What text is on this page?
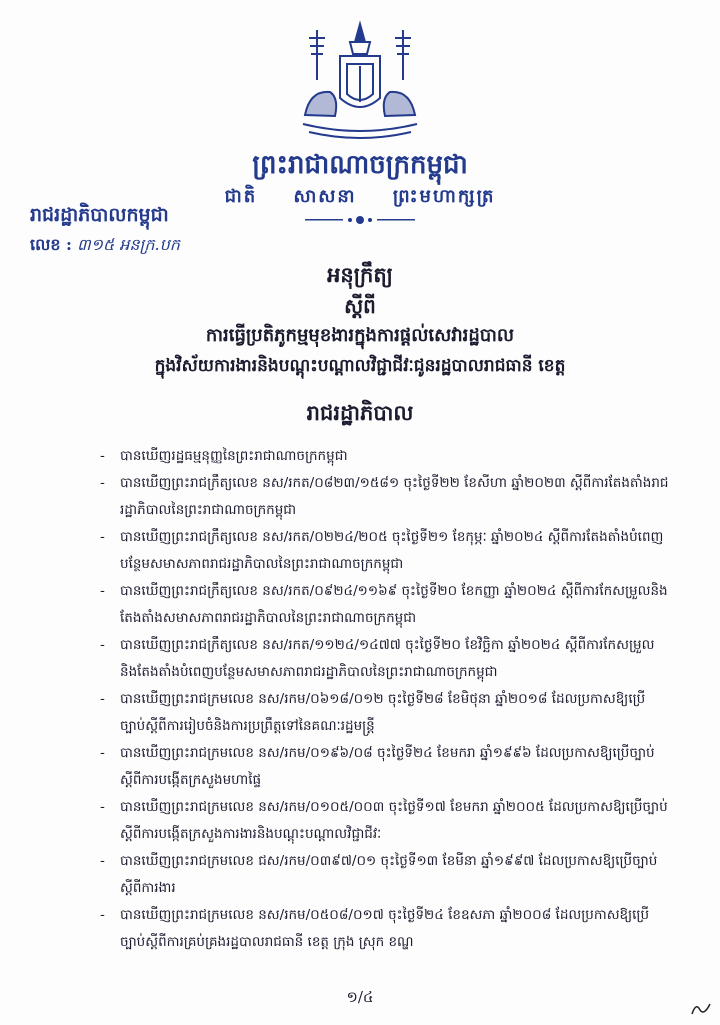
ព្រះរាជាណាចក្រកម្ពុជា
ជាតិ សាសនា ព្រះមហាក្សត្រ
រាជរដ្ឋាភិបាលកម្ពុជា
លេខ : ៣១៥ អនក្រ.បក
អនុក្រឹត្យ
ស្តីពី
ការធ្វើប្រតិភូកម្មមុខងារក្នុងការផ្តល់សេវារដ្ឋបាល
ក្នុងវិស័យការងារនិងបណ្តុះបណ្តាលវិជ្ជាជីវៈជូនរដ្ឋបាលរាជធានី ខេត្ត
រាជរដ្ឋាភិបាល
- បានឃើញរដ្ឋធម្មនុញ្ញនៃព្រះរាជាណាចក្រកម្ពុជា
- បានឃើញព្រះរាជក្រឹត្យលេខ នស/រកត/០៨២៣/១៥៨១ ចុះថ្ងៃទី២២ ខែសីហា ឆ្នាំ២០២៣ ស្តីពីការតែងតាំងរាជរដ្ឋាភិបាលនៃព្រះរាជាណាចក្រកម្ពុជា
- បានឃើញព្រះរាជក្រឹត្យលេខ នស/រកត/០២២៤/២០៥ ចុះថ្ងៃទី២១ ខែកុម្ភៈ ឆ្នាំ២០២៤ ស្តីពីការតែងតាំងបំពេញបន្ថែមសមាសភាពរាជរដ្ឋាភិបាលនៃព្រះរាជាណាចក្រកម្ពុជា
- បានឃើញព្រះរាជក្រឹត្យលេខ នស/រកត/០៩២៤/១១៦៩ ចុះថ្ងៃទី២០ ខែកញ្ញា ឆ្នាំ២០២៤ ស្តីពីការកែសម្រួលនិងតែងតាំងសមាសភាពរាជរដ្ឋាភិបាលនៃព្រះរាជាណាចក្រកម្ពុជា
- បានឃើញព្រះរាជក្រឹត្យលេខ នស/រកត/១១២៤/១៤៧៧ ចុះថ្ងៃទី២០ ខែវិច្ឆិកា ឆ្នាំ២០២៤ ស្តីពីការកែសម្រួលនិងតែងតាំងបំពេញបន្ថែមសមាសភាពរាជរដ្ឋាភិបាលនៃព្រះរាជាណាចក្រកម្ពុជា
- បានឃើញព្រះរាជក្រមលេខ នស/រកម/០៦១៨/០១២ ចុះថ្ងៃទី២៨ ខែមិថុនា ឆ្នាំ២០១៨ ដែលប្រកាសឱ្យប្រើច្បាប់ស្តីពីការរៀបចំនិងការប្រព្រឹត្តទៅនៃគណៈរដ្ឋមន្ត្រី
- បានឃើញព្រះរាជក្រមលេខ នស/រកម/០១៩៦/០៨ ចុះថ្ងៃទី២៤ ខែមករា ឆ្នាំ១៩៩៦ ដែលប្រកាសឱ្យប្រើច្បាប់ស្តីពីការបង្កើតក្រសួងមហាផ្ទៃ
- បានឃើញព្រះរាជក្រមលេខ នស/រកម/០១០៥/០០៣ ចុះថ្ងៃទី១៧ ខែមករា ឆ្នាំ២០០៥ ដែលប្រកាសឱ្យប្រើច្បាប់ស្តីពីការបង្កើតក្រសួងការងារនិងបណ្តុះបណ្តាលវិជ្ជាជីវៈ
- បានឃើញព្រះរាជក្រមលេខ ជស/រកម/០៣៩៧/០១ ចុះថ្ងៃទី១៣ ខែមីនា ឆ្នាំ១៩៩៧ ដែលប្រកាសឱ្យប្រើច្បាប់ស្តីពីការងារ
- បានឃើញព្រះរាជក្រមលេខ នស/រកម/០៥០៨/០១៧ ចុះថ្ងៃទី២៤ ខែឧសភា ឆ្នាំ២០០៨ ដែលប្រកាសឱ្យប្រើច្បាប់ស្តីពីការគ្រប់គ្រងរដ្ឋបាលរាជធានី ខេត្ត ក្រុង ស្រុក ខណ្ឌ
១/៤
